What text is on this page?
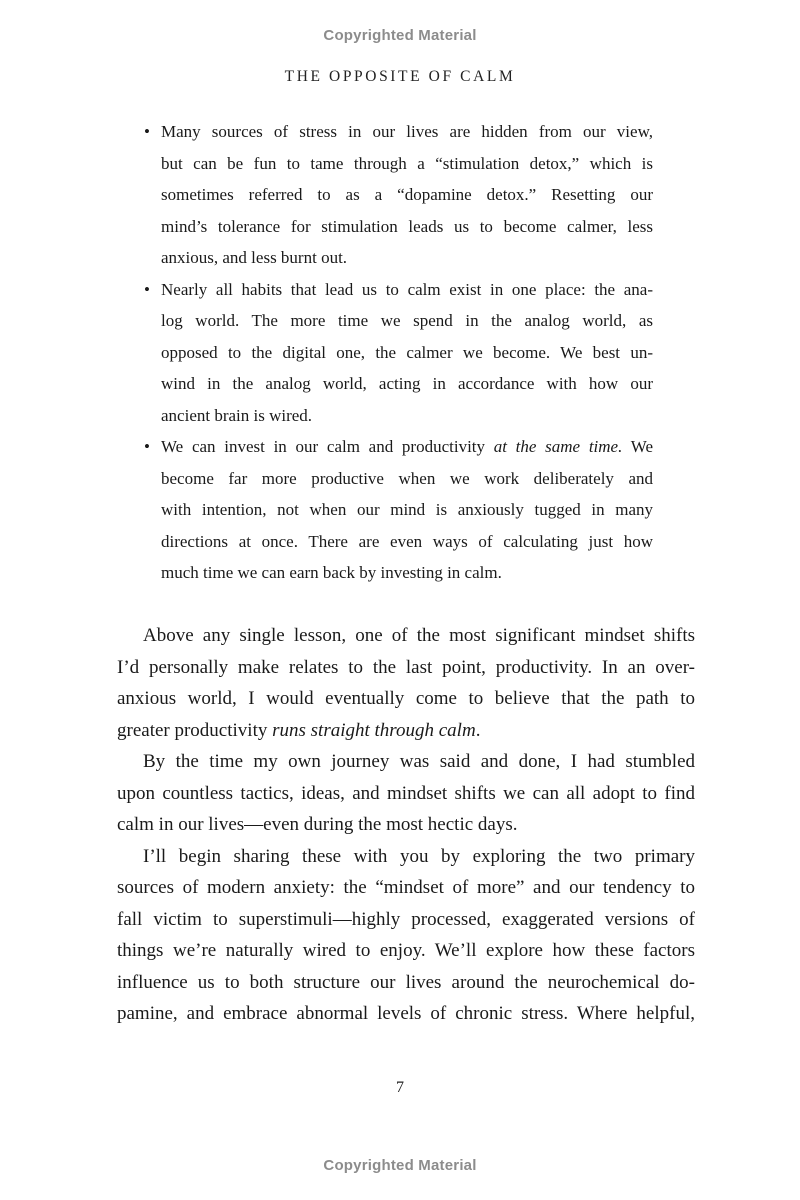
Copyrighted Material
THE OPPOSITE OF CALM
• Many sources of stress in our lives are hidden from our view,
but can be fun to tame through a “stimulation detox,” which is
sometimes referred to as a “dopamine detox.” Resetting our
mind’s tolerance for stimulation leads us to become calmer, less
anxious, and less burnt out.
• Nearly all habits that lead us to calm exist in one place: the ana-
log world. The more time we spend in the analog world, as
opposed to the digital one, the calmer we become. We best un-
wind in the analog world, acting in accordance with how our
ancient brain is wired.
• We can invest in our calm and productivity at the same time. We
become far more productive when we work deliberately and
with intention, not when our mind is anxiously tugged in many
directions at once. There are even ways of calculating just how
much time we can earn back by investing in calm.
Above any single lesson, one of the most significant mindset shifts
I’d personally make relates to the last point, productivity. In an over-
anxious world, I would eventually come to believe that the path to
greater productivity runs straight through calm.
By the time my own journey was said and done, I had stumbled
upon countless tactics, ideas, and mindset shifts we can all adopt to find
calm in our lives—even during the most hectic days.
I’ll begin sharing these with you by exploring the two primary
sources of modern anxiety: the “mindset of more” and our tendency to
fall victim to superstimuli—highly processed, exaggerated versions of
things we’re naturally wired to enjoy. We’ll explore how these factors
influence us to both structure our lives around the neurochemical do-
pamine, and embrace abnormal levels of chronic stress. Where helpful,
7
Copyrighted Material
